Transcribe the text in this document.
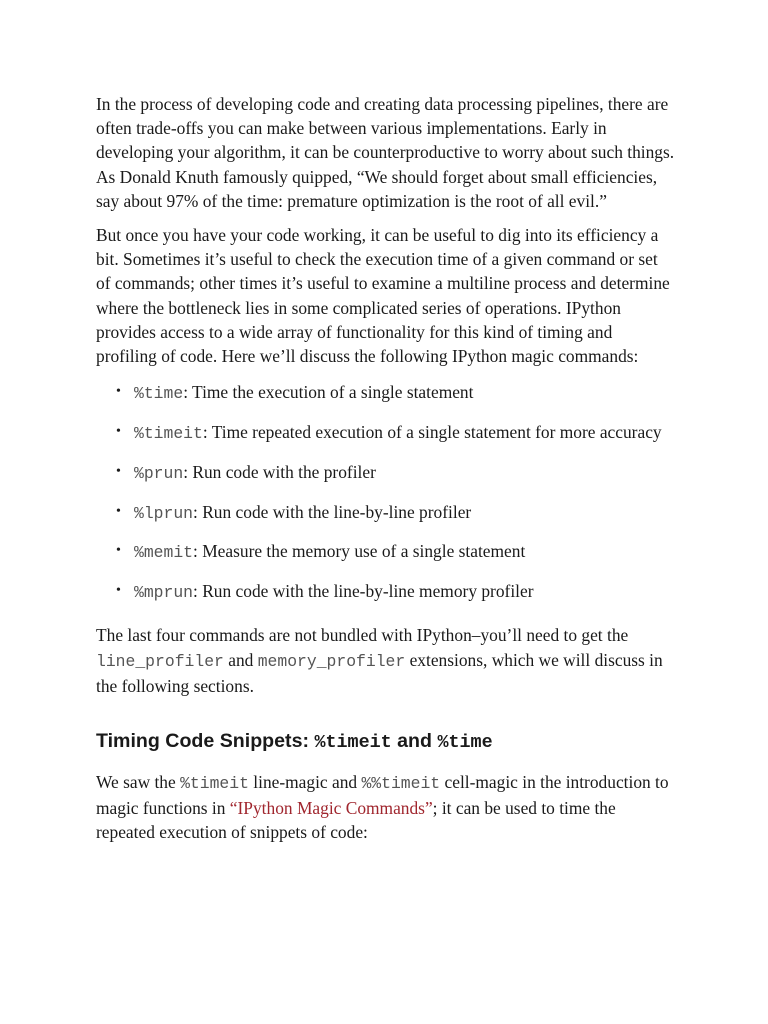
In the process of developing code and creating data processing pipelines, there are often trade-offs you can make between various implementations. Early in developing your algorithm, it can be counterproductive to worry about such things. As Donald Knuth famously quipped, “We should forget about small efficiencies, say about 97% of the time: premature optimization is the root of all evil.”

But once you have your code working, it can be useful to dig into its efficiency a bit. Sometimes it’s useful to check the execution time of a given command or set of commands; other times it’s useful to examine a multiline process and determine where the bottleneck lies in some complicated series of operations. IPython provides access to a wide array of functionality for this kind of timing and profiling of code. Here we’ll discuss the following IPython magic commands:

• %time: Time the execution of a single statement
• %timeit: Time repeated execution of a single statement for more accuracy
• %prun: Run code with the profiler
• %lprun: Run code with the line-by-line profiler
• %memit: Measure the memory use of a single statement
• %mprun: Run code with the line-by-line memory profiler

The last four commands are not bundled with IPython–you’ll need to get the line_profiler and memory_profiler extensions, which we will discuss in the following sections.

Timing Code Snippets: %timeit and %time

We saw the %timeit line-magic and %%timeit cell-magic in the introduction to magic functions in “IPython Magic Commands”; it can be used to time the repeated execution of snippets of code:
